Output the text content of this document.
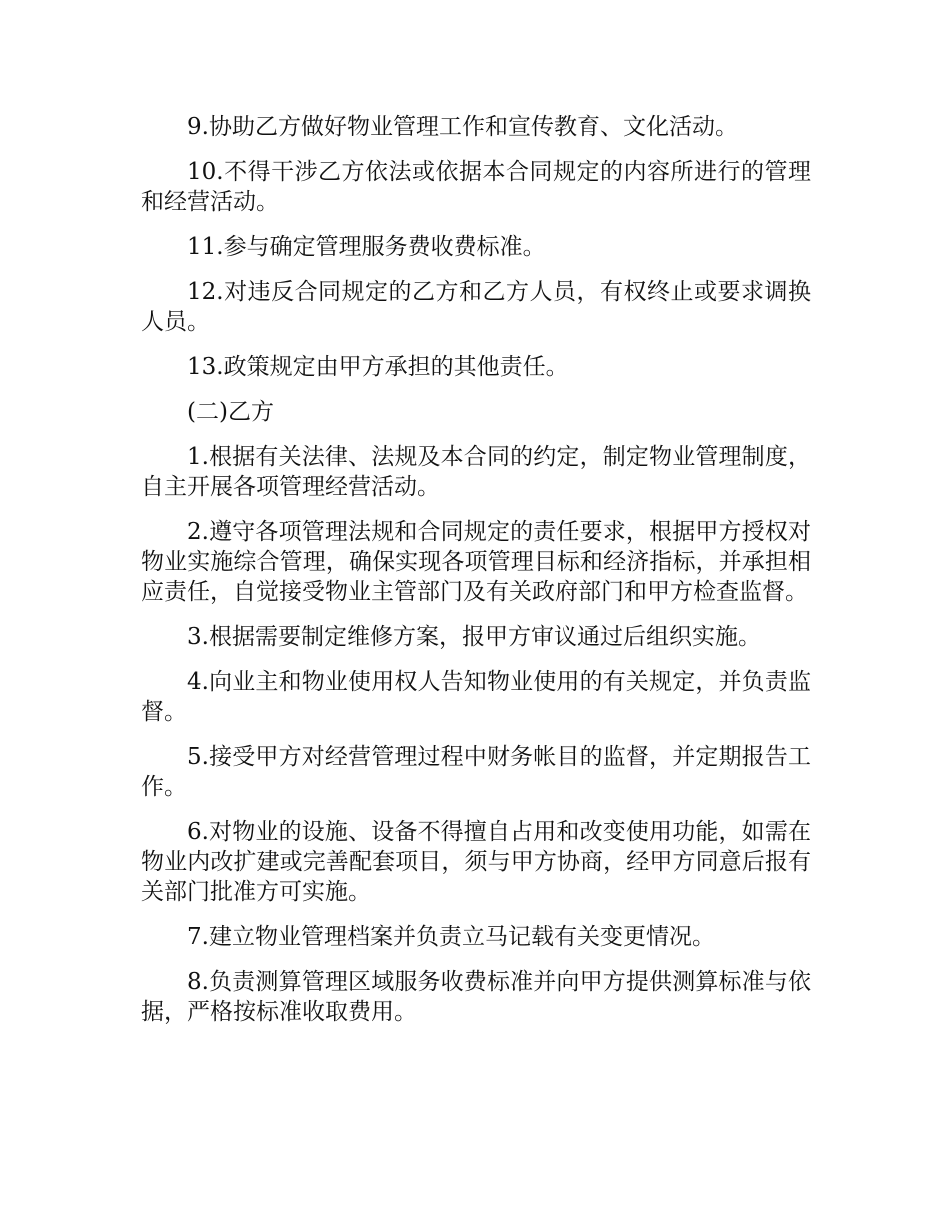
9.协助乙方做好物业管理工作和宣传教育、文化活动。

10.不得干涉乙方依法或依据本合同规定的内容所进行的管理和经营活动。

11.参与确定管理服务费收费标准。

12.对违反合同规定的乙方和乙方人员，有权终止或要求调换人员。

13.政策规定由甲方承担的其他责任。

(二)乙方

1.根据有关法律、法规及本合同的约定，制定物业管理制度，自主开展各项管理经营活动。

2.遵守各项管理法规和合同规定的责任要求，根据甲方授权对物业实施综合管理，确保实现各项管理目标和经济指标，并承担相应责任，自觉接受物业主管部门及有关政府部门和甲方检查监督。

3.根据需要制定维修方案，报甲方审议通过后组织实施。

4.向业主和物业使用权人告知物业使用的有关规定，并负责监督。

5.接受甲方对经营管理过程中财务帐目的监督，并定期报告工作。

6.对物业的设施、设备不得擅自占用和改变使用功能，如需在物业内改扩建或完善配套项目，须与甲方协商，经甲方同意后报有关部门批准方可实施。

7.建立物业管理档案并负责立马记载有关变更情况。

8.负责测算管理区域服务收费标准并向甲方提供测算标准与依据，严格按标准收取费用。
